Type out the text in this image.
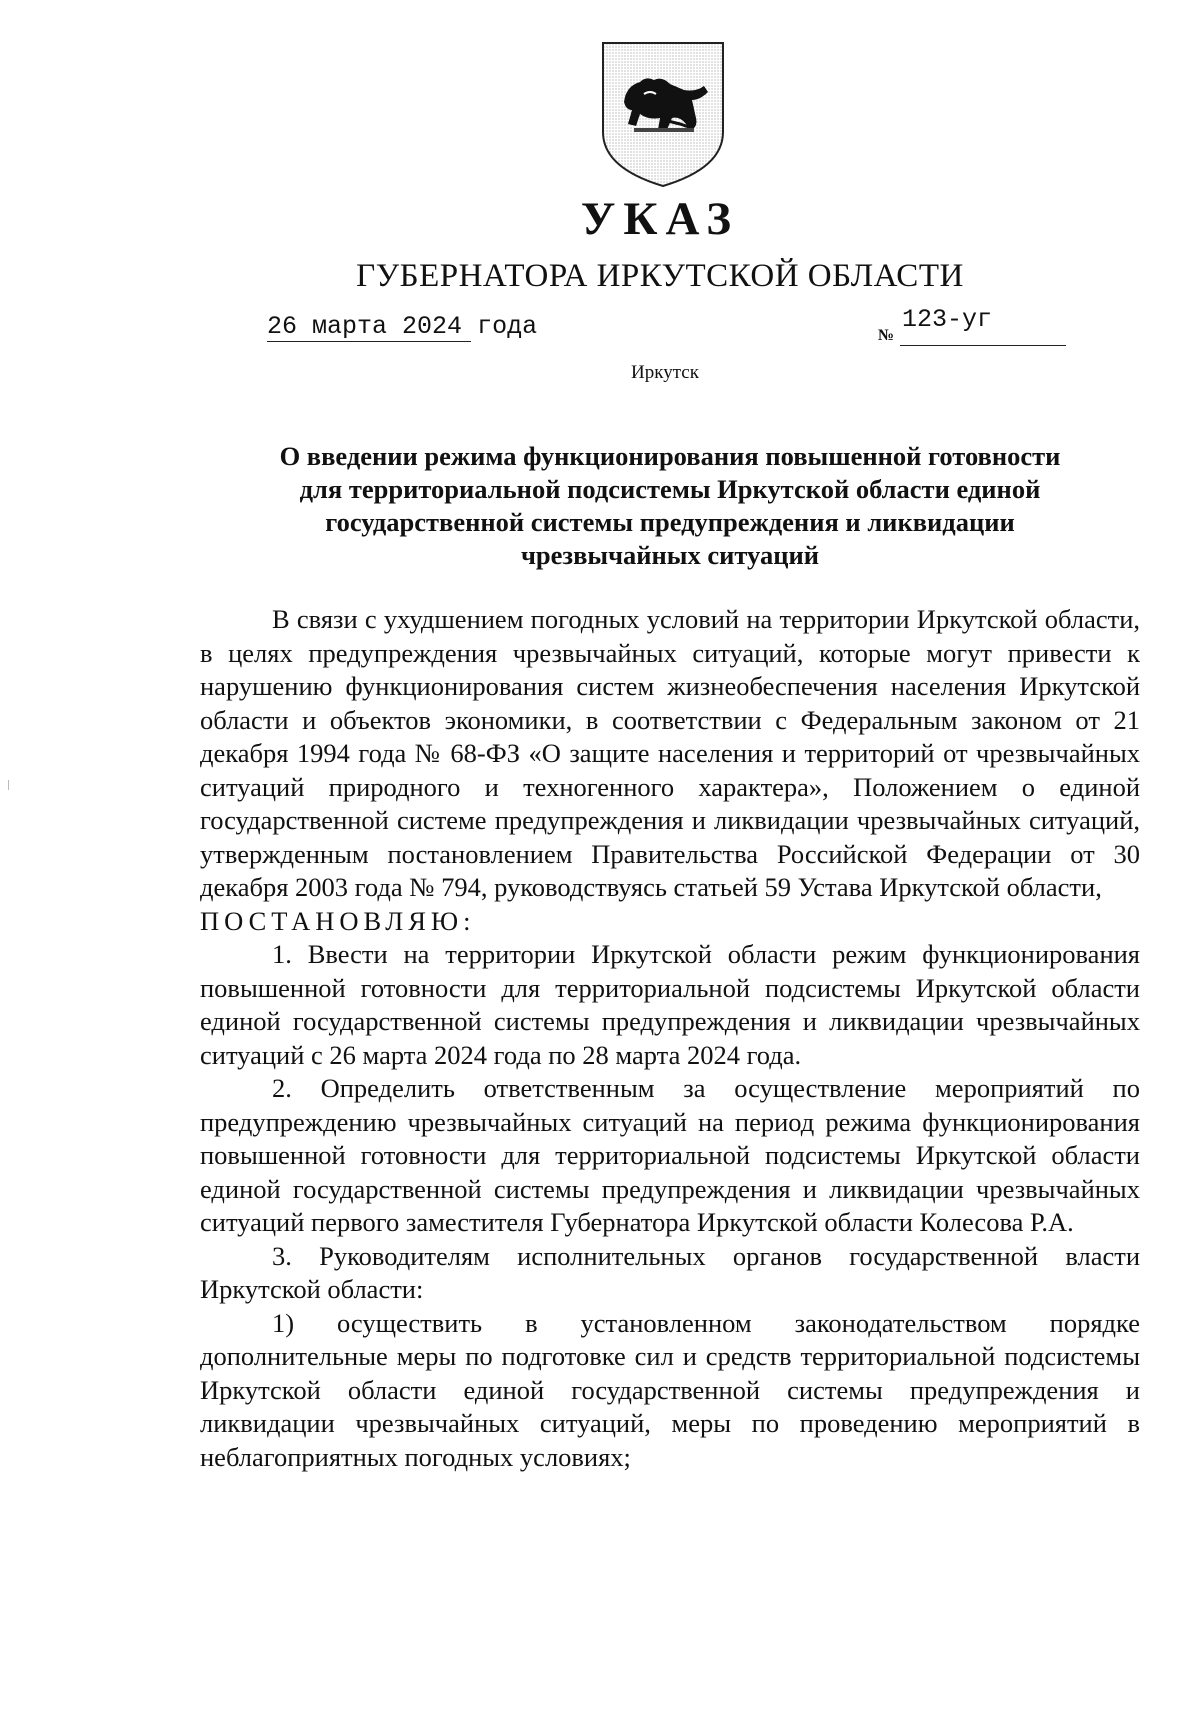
УКАЗ
ГУБЕРНАТОРА ИРКУТСКОЙ ОБЛАСТИ
26 марта 2024 года	№
123-уг
Иркутск
О введении режима функционирования повышенной готовности
для территориальной подсистемы Иркутской области единой
государственной системы предупреждения и ликвидации
чрезвычайных ситуаций

В связи с ухудшением погодных условий на территории Иркутской области, в целях предупреждения чрезвычайных ситуаций, которые могут привести к нарушению функционирования систем жизнеобеспечения населения Иркутской области и объектов экономики, в соответствии с Федеральным законом от 21 декабря 1994 года № 68-ФЗ «О защите населения и территорий от чрезвычайных ситуаций природного и техногенного характера», Положением о единой государственной системе предупреждения и ликвидации чрезвычайных ситуаций, утвержденным постановлением Правительства Российской Федерации от 30 декабря 2003 года № 794, руководствуясь статьей 59 Устава Иркутской области,

ПОСТАНОВЛЯЮ:

1. Ввести на территории Иркутской области режим функционирования повышенной готовности для территориальной подсистемы Иркутской области единой государственной системы предупреждения и ликвидации чрезвычайных ситуаций с 26 марта 2024 года по 28 марта 2024 года.

2. Определить ответственным за осуществление мероприятий по предупреждению чрезвычайных ситуаций на период режима функционирования повышенной готовности для территориальной подсистемы Иркутской области единой государственной системы предупреждения и ликвидации чрезвычайных ситуаций первого заместителя Губернатора Иркутской области Колесова Р.А.

3. Руководителям исполнительных органов государственной власти Иркутской области:

1) осуществить в установленном законодательством порядке дополнительные меры по подготовке сил и средств территориальной подсистемы Иркутской области единой государственной системы предупреждения и ликвидации чрезвычайных ситуаций, меры по проведению мероприятий в неблагоприятных погодных условиях;
